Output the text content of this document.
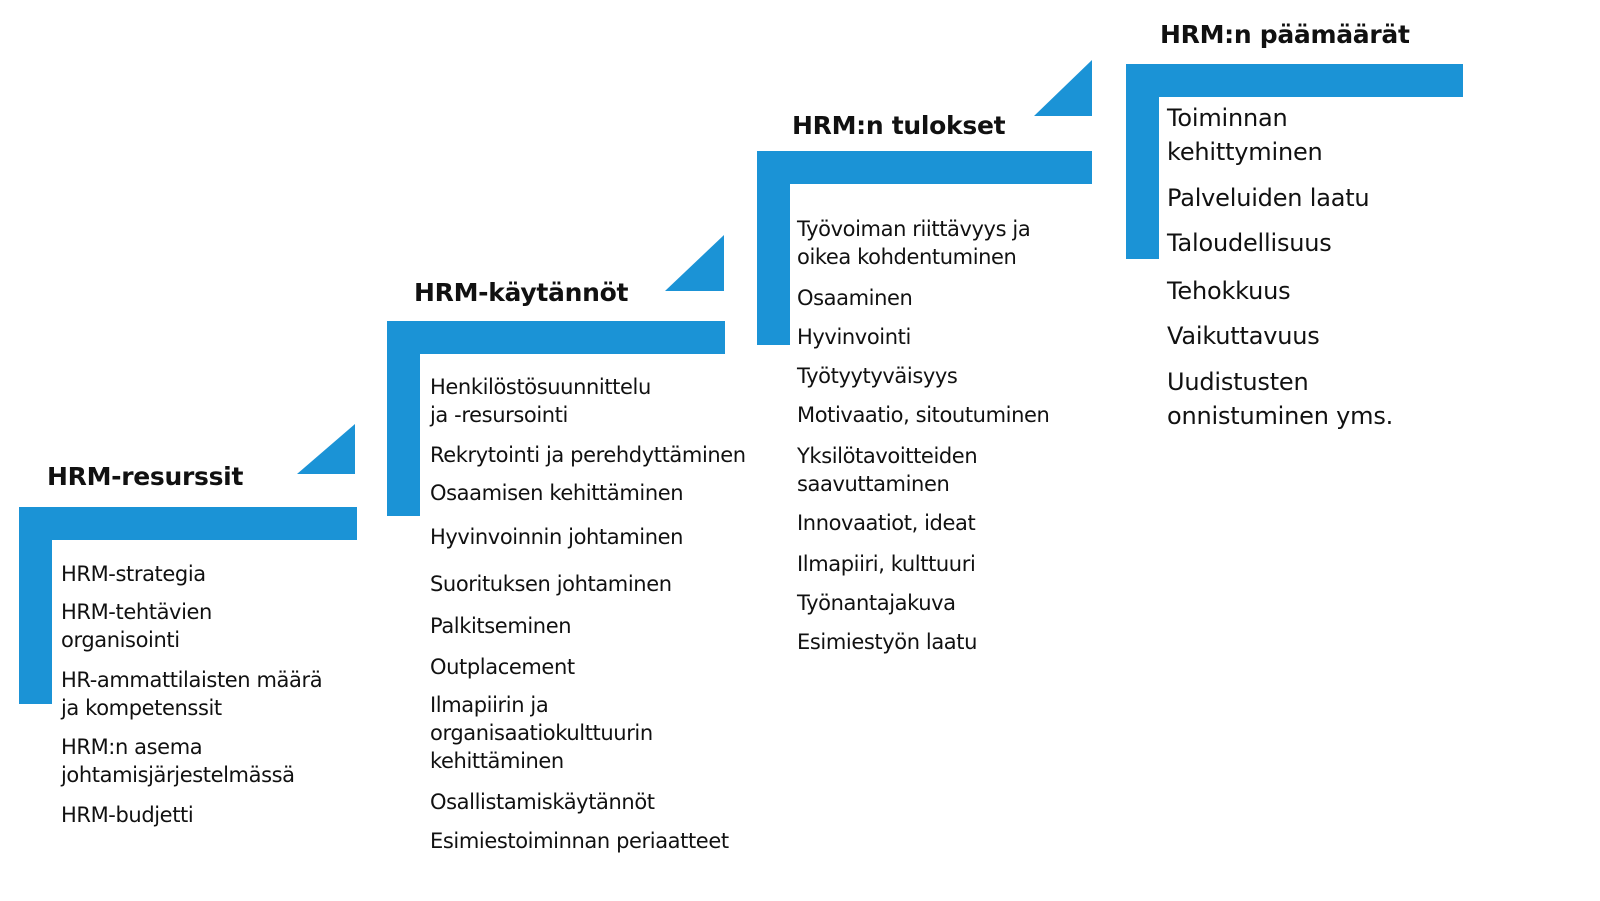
HRM-resurssit
HRM-käytännöt
HRM:n tulokset
HRM:n päämäärät
HRM-strategia
HRM-tehtävien
organisointi
HR-ammattilaisten määrä
ja kompetenssit
HRM:n asema
johtamisjärjestelmässä
HRM-budjetti
Henkilöstösuunnittelu
ja -resursointi
Rekrytointi ja perehdyttäminen
Osaamisen kehittäminen
Hyvinvoinnin johtaminen
Suorituksen johtaminen
Palkitseminen
Outplacement
Ilmapiirin ja
organisaatiokulttuurin
kehittäminen
Osallistamiskäytännöt
Esimiestoiminnan periaatteet
Työvoiman riittävyys ja
oikea kohdentuminen
Osaaminen
Hyvinvointi
Työtyytyväisyys
Motivaatio, sitoutuminen
Yksilötavoitteiden
saavuttaminen
Innovaatiot, ideat
Ilmapiiri, kulttuuri
Työnantajakuva
Esimiestyön laatu
Toiminnan
kehittyminen
Palveluiden laatu
Taloudellisuus
Tehokkuus
Vaikuttavuus
Uudistusten
onnistuminen yms.
